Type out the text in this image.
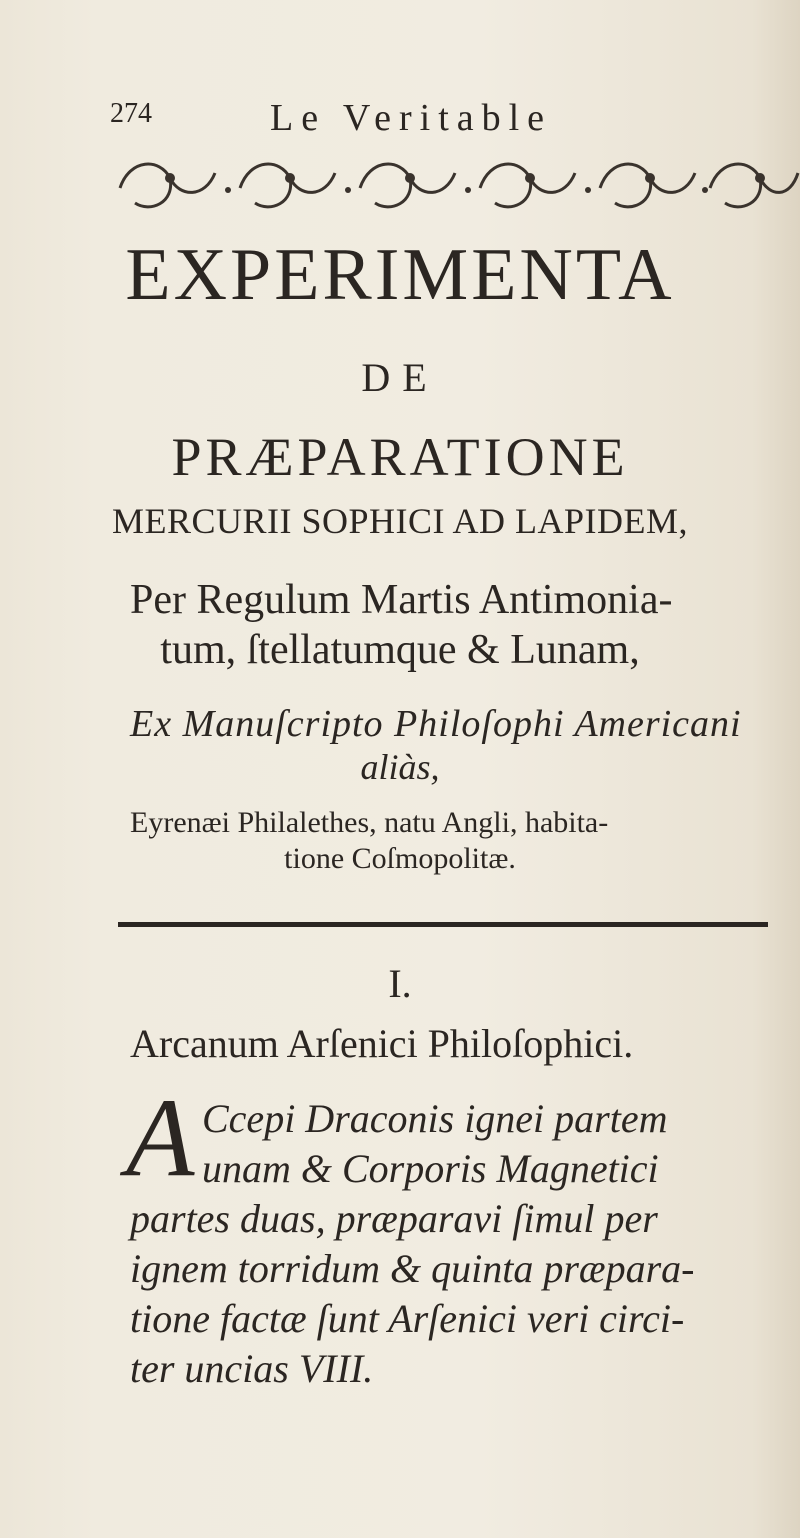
274	Le Veritable
EXPERIMENTA
DE
PRÆPARATIONE
MERCURII SOPHICI AD LAPIDEM,
Per Regulum Martis Antimonia-
tum, ſtellatumque & Lunam,
Ex Manuſcripto Philoſophi Americani
aliàs,
Eyrenæi Philalethes, natu Angli, habita-
tione Coſmopolitæ.
I.
Arcanum Arſenici Philoſophici.
A Ccepi Draconis ignei partem
unam & Corporis Magnetici
partes duas, præparavi ſimul per
ignem torridum & quinta præpara-
tione factæ ſunt Arſenici veri circi-
ter uncias VIII.
